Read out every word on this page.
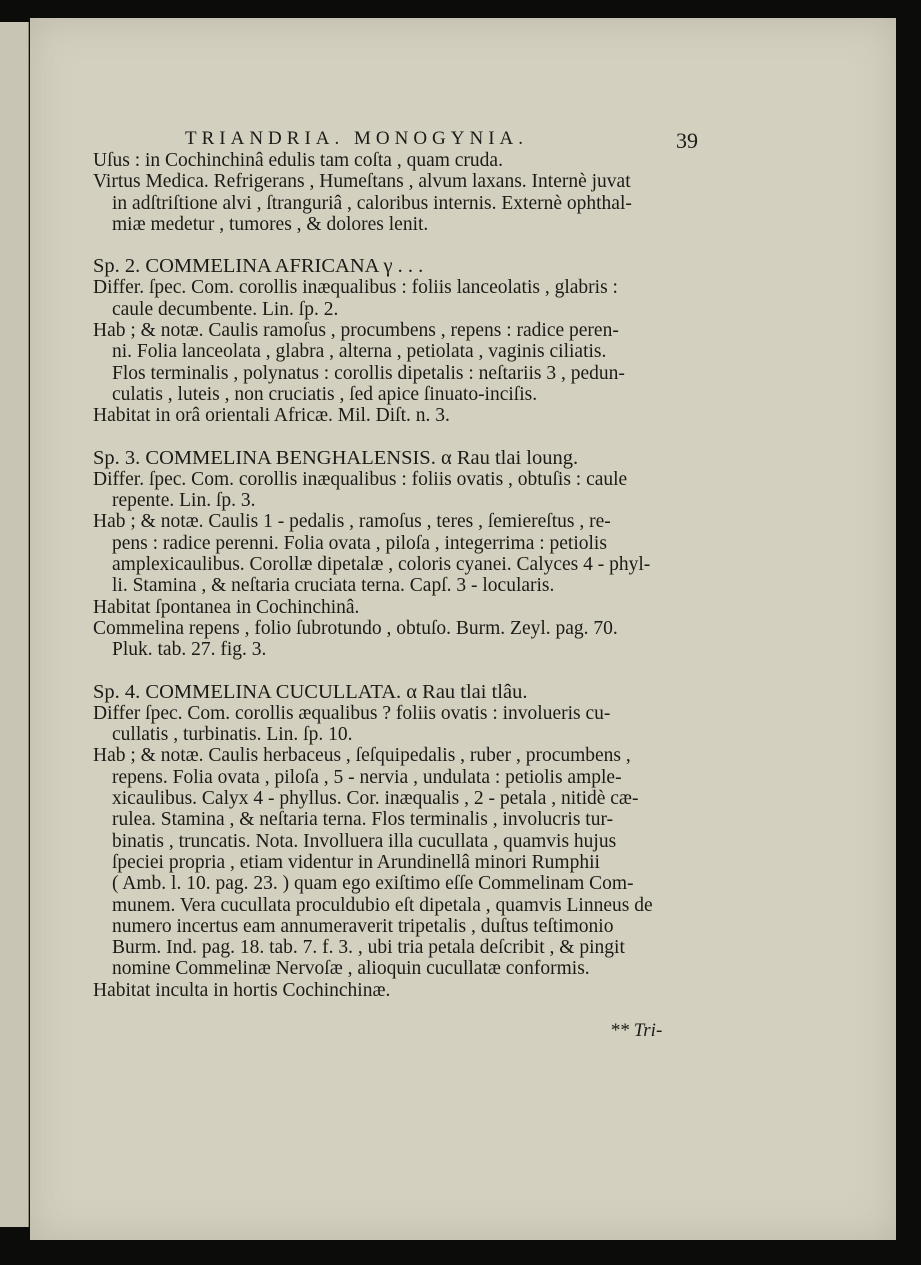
TRIANDRIA. MONOGYNIA.	39
Uſus : in Cochinchinâ edulis tam coſta , quam cruda.
Virtus Medica. Refrigerans , Humeſtans , alvum laxans. Internè juvat
in adſtriſtione alvi , ſtranguriâ , caloribus internis. Externè ophthal-
miæ medetur , tumores , & dolores lenit.
Sp. 2. COMMELINA AFRICANA γ . . .
Differ. ſpec. Com. corollis inæqualibus : foliis lanceolatis , glabris :
caule decumbente. Lin. ſp. 2.
Hab ; & notæ. Caulis ramoſus , procumbens , repens : radice peren-
ni. Folia lanceolata , glabra , alterna , petiolata , vaginis ciliatis.
Flos terminalis , polynatus : corollis dipetalis : neſtariis 3 , pedun-
culatis , luteis , non cruciatis , ſed apice ſinuato-inciſis.
Habitat in orâ orientali Africæ. Mil. Diſt. n. 3.
Sp. 3. COMMELINA BENGHALENSIS. α Rau tlai loung.
Differ. ſpec. Com. corollis inæqualibus : foliis ovatis , obtuſis : caule
repente. Lin. ſp. 3.
Hab ; & notæ. Caulis 1 - pedalis , ramoſus , teres , ſemiereſtus , re-
pens : radice perenni. Folia ovata , piloſa , integerrima : petiolis
amplexicaulibus. Corollæ dipetalæ , coloris cyanei. Calyces 4 - phyl-
li. Stamina , & neſtaria cruciata terna. Capſ. 3 - locularis.
Habitat ſpontanea in Cochinchinâ.
Commelina repens , folio ſubrotundo , obtuſo. Burm. Zeyl. pag. 70.
Pluk. tab. 27. fig. 3.
Sp. 4. COMMELINA CUCULLATA. α Rau tlai tlâu.
Differ ſpec. Com. corollis æqualibus ? foliis ovatis : involueris cu-
cullatis , turbinatis. Lin. ſp. 10.
Hab ; & notæ. Caulis herbaceus , ſeſquipedalis , ruber , procumbens ,
repens. Folia ovata , piloſa , 5 - nervia , undulata : petiolis ample-
xicaulibus. Calyx 4 - phyllus. Cor. inæqualis , 2 - petala , nitidè cæ-
rulea. Stamina , & neſtaria terna. Flos terminalis , involucris tur-
binatis , truncatis. Nota. Involluera illa cucullata , quamvis hujus
ſpeciei propria , etiam videntur in Arundinellâ minori Rumphii
( Amb. l. 10. pag. 23. ) quam ego exiſtimo eſſe Commelinam Com-
munem. Vera cucullata proculdubio eſt dipetala , quamvis Linneus de
numero incertus eam annumeraverit tripetalis , duſtus teſtimonio
Burm. Ind. pag. 18. tab. 7. f. 3. , ubi tria petala deſcribit , & pingit
nomine Commelinæ Nervoſæ , alioquin cucullatæ conformis.
Habitat inculta in hortis Cochinchinæ.
** Tri-
